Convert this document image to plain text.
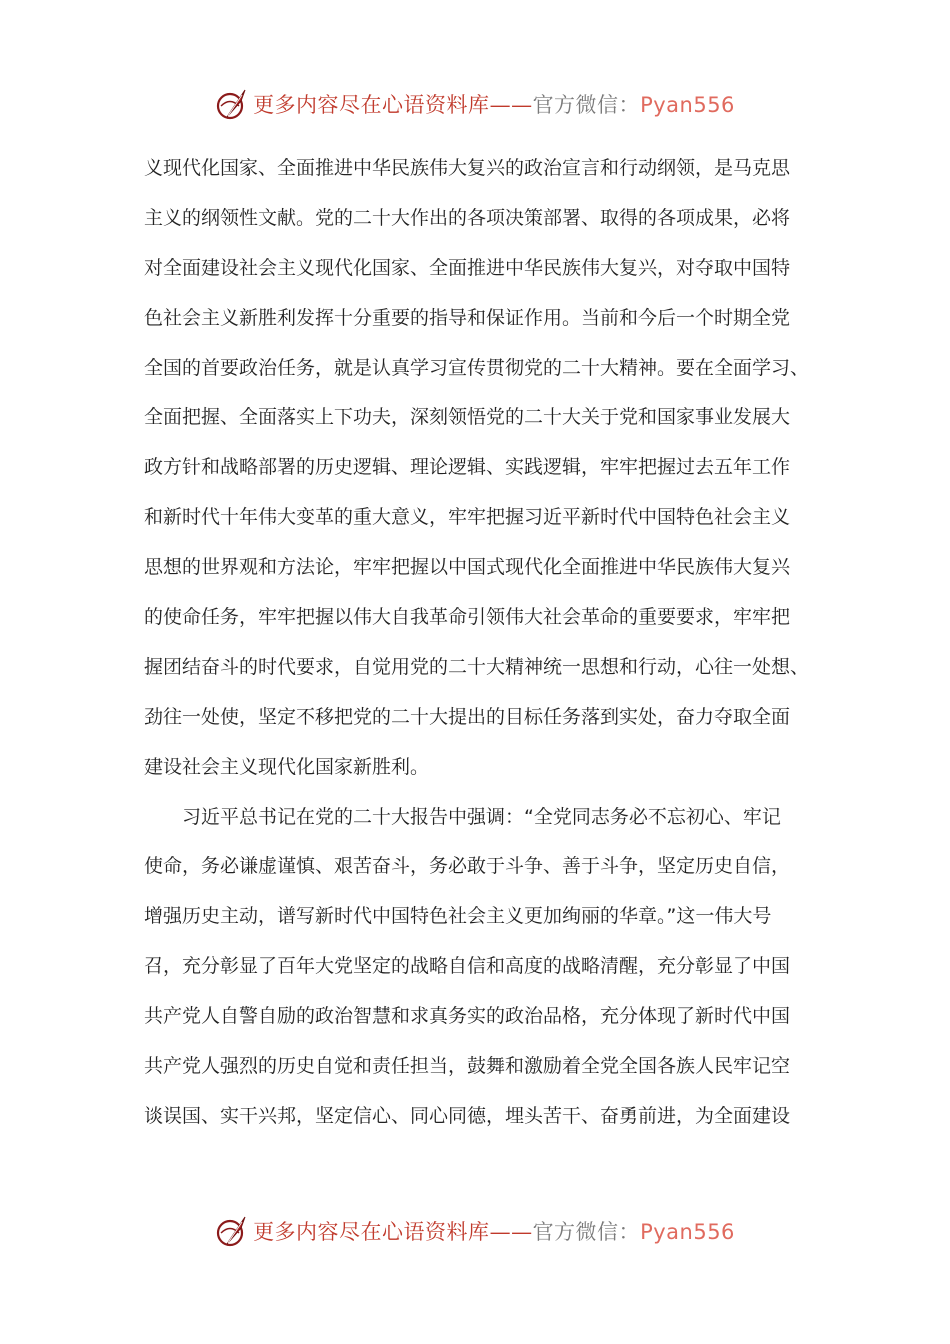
更多内容尽在心语资料库——官方微信：Pyan556
义现代化国家、全面推进中华民族伟大复兴的政治宣言和行动纲领，是马克思
主义的纲领性文献。党的二十大作出的各项决策部署、取得的各项成果，必将
对全面建设社会主义现代化国家、全面推进中华民族伟大复兴，对夺取中国特
色社会主义新胜利发挥十分重要的指导和保证作用。当前和今后一个时期全党
全国的首要政治任务，就是认真学习宣传贯彻党的二十大精神。要在全面学习、
全面把握、全面落实上下功夫，深刻领悟党的二十大关于党和国家事业发展大
政方针和战略部署的历史逻辑、理论逻辑、实践逻辑，牢牢把握过去五年工作
和新时代十年伟大变革的重大意义，牢牢把握习近平新时代中国特色社会主义
思想的世界观和方法论，牢牢把握以中国式现代化全面推进中华民族伟大复兴
的使命任务，牢牢把握以伟大自我革命引领伟大社会革命的重要要求，牢牢把
握团结奋斗的时代要求，自觉用党的二十大精神统一思想和行动，心往一处想、
劲往一处使，坚定不移把党的二十大提出的目标任务落到实处，奋力夺取全面
建设社会主义现代化国家新胜利。
习近平总书记在党的二十大报告中强调：“全党同志务必不忘初心、牢记
使命，务必谦虚谨慎、艰苦奋斗，务必敢于斗争、善于斗争，坚定历史自信，
增强历史主动，谱写新时代中国特色社会主义更加绚丽的华章。”这一伟大号
召，充分彰显了百年大党坚定的战略自信和高度的战略清醒，充分彰显了中国
共产党人自警自励的政治智慧和求真务实的政治品格，充分体现了新时代中国
共产党人强烈的历史自觉和责任担当，鼓舞和激励着全党全国各族人民牢记空
谈误国、实干兴邦，坚定信心、同心同德，埋头苦干、奋勇前进，为全面建设
更多内容尽在心语资料库——官方微信：Pyan556
